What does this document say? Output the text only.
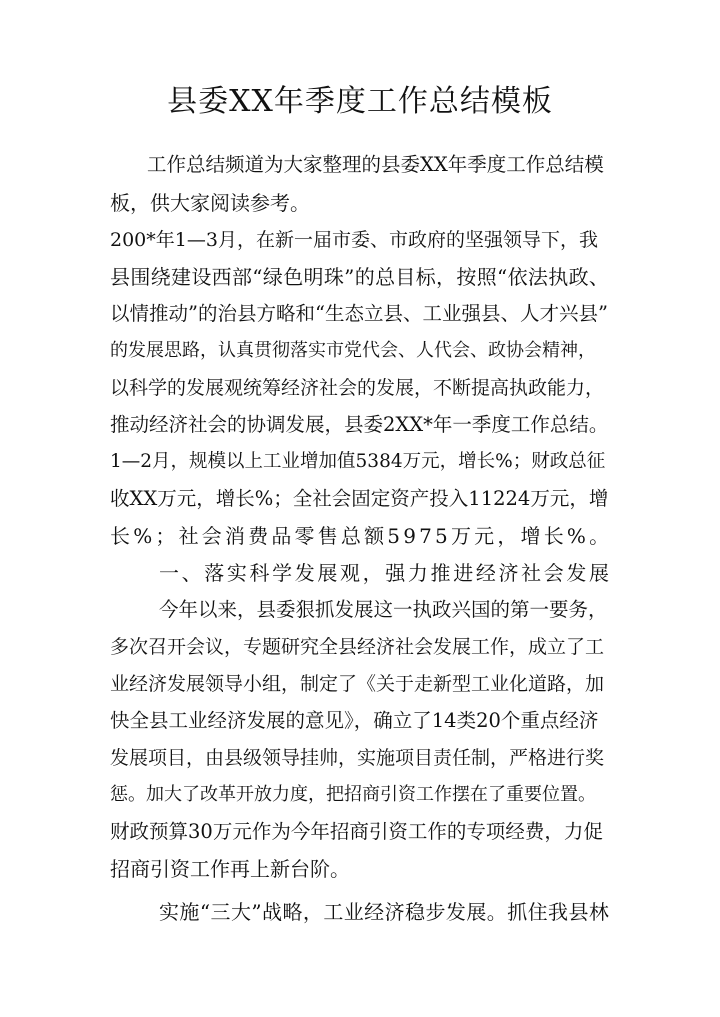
县委XX年季度工作总结模板

工作总结频道为大家整理的县委XX年季度工作总结模

板，供大家阅读参考。

200*年1—3月，在新一届市委、市政府的坚强领导下，我

县围绕建设西部“绿色明珠”的总目标，按照“依法执政、

以情推动”的治县方略和“生态立县、工业强县、人才兴县”

的发展思路，认真贯彻落实市党代会、人代会、政协会精神，

以科学的发展观统筹经济社会的发展，不断提高执政能力，

推动经济社会的协调发展，县委2XX*年一季度工作总结。

1—2月，规模以上工业增加值5384万元，增长%；财政总征

收XX万元，增长%；全社会固定资产投入11224万元，增

长%；社会消费品零售总额5975万元，增长%。

一、落实科学发展观，强力推进经济社会发展

今年以来，县委狠抓发展这一执政兴国的第一要务，

多次召开会议，专题研究全县经济社会发展工作，成立了工

业经济发展领导小组，制定了《关于走新型工业化道路，加

快全县工业经济发展的意见》，确立了14类20个重点经济

发展项目，由县级领导挂帅，实施项目责任制，严格进行奖

惩。加大了改革开放力度，把招商引资工作摆在了重要位置。

财政预算30万元作为今年招商引资工作的专项经费，力促

招商引资工作再上新台阶。

实施“三大”战略，工业经济稳步发展。抓住我县林
